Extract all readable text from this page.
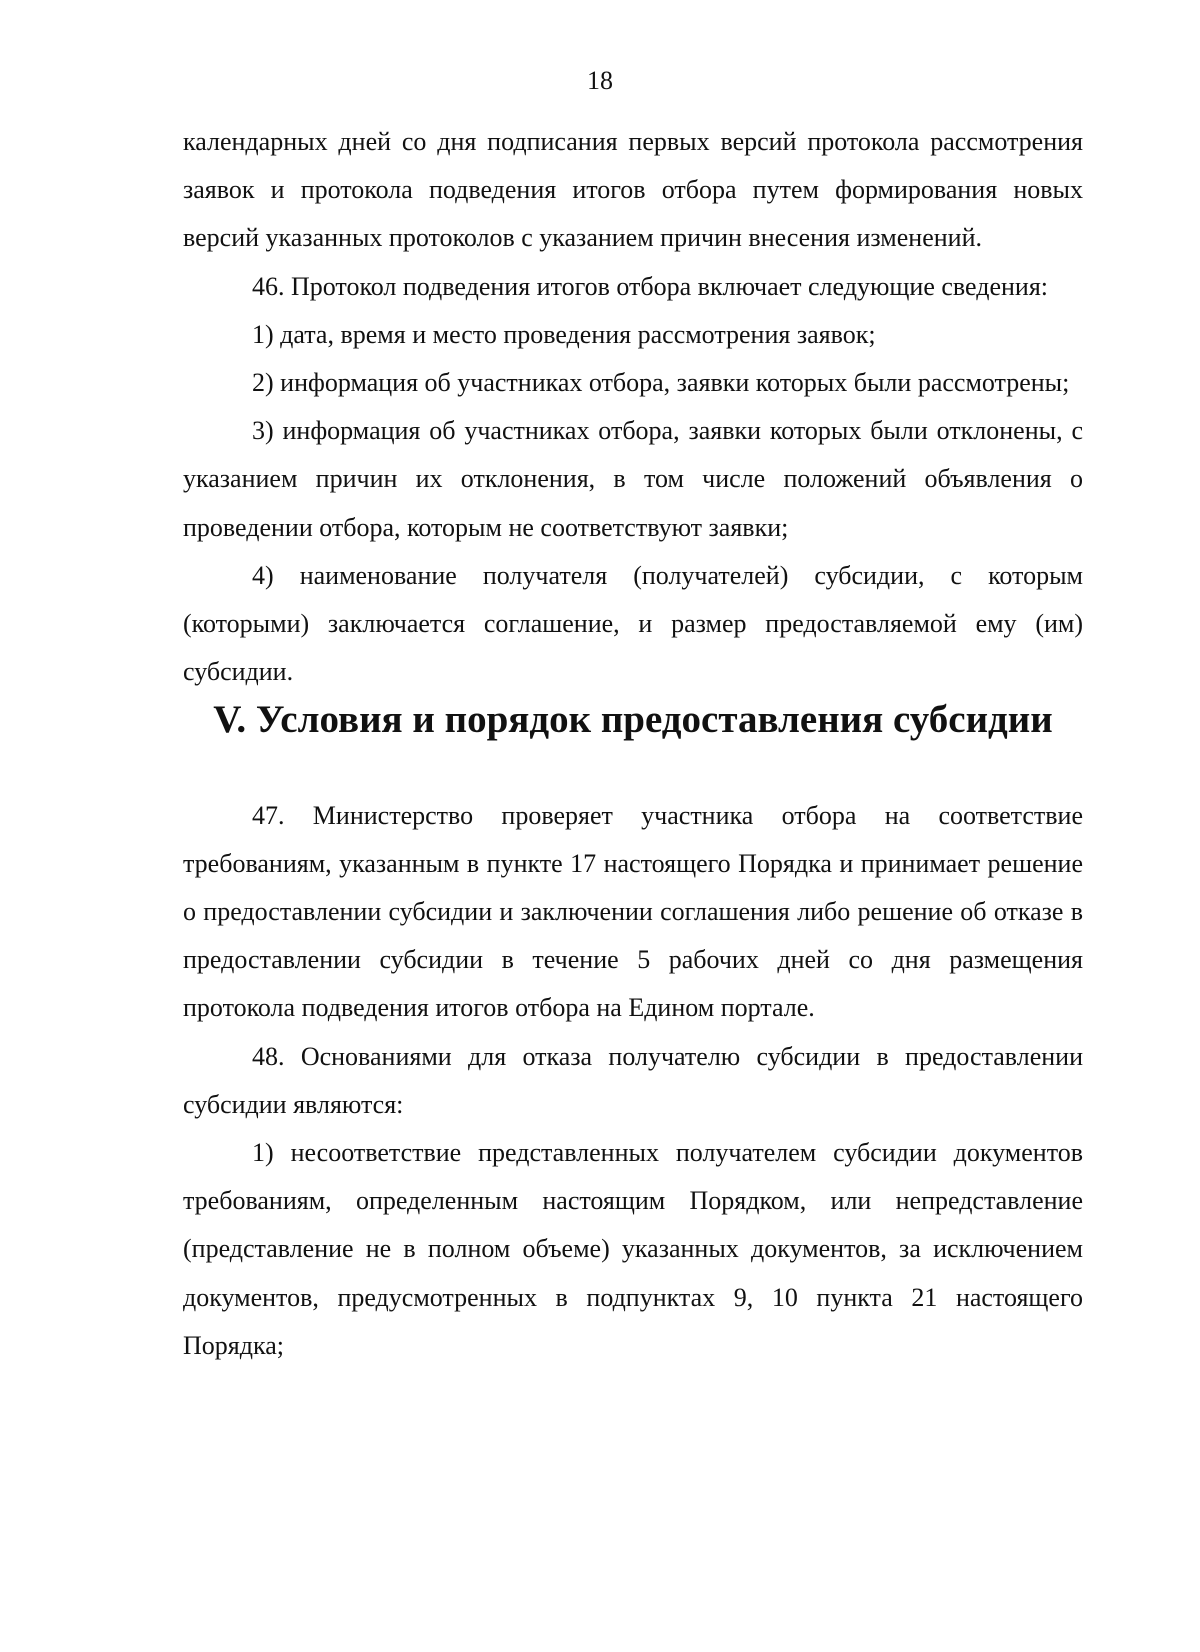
18

календарных дней со дня подписания первых версий протокола рассмотрения заявок и протокола подведения итогов отбора путем формирования новых версий указанных протоколов с указанием причин внесения изменений.

46. Протокол подведения итогов отбора включает следующие сведения:

1) дата, время и место проведения рассмотрения заявок;

2) информация об участниках отбора, заявки которых были рассмотрены;

3) информация об участниках отбора, заявки которых были отклонены, с указанием причин их отклонения, в том числе положений объявления о проведении отбора, которым не соответствуют заявки;

4) наименование получателя (получателей) субсидии, с которым (которыми) заключается соглашение, и размер предоставляемой ему (им) субсидии.

V. Условия и порядок предоставления субсидии

47. Министерство проверяет участника отбора на соответствие требованиям, указанным в пункте 17 настоящего Порядка и принимает решение о предоставлении субсидии и заключении соглашения либо решение об отказе в предоставлении субсидии в течение 5 рабочих дней со дня размещения протокола подведения итогов отбора на Едином портале.

48. Основаниями для отказа получателю субсидии в предоставлении субсидии являются:

1) несоответствие представленных получателем субсидии документов требованиям, определенным настоящим Порядком, или непредставление (представление не в полном объеме) указанных документов, за исключением документов, предусмотренных в подпунктах 9, 10 пункта 21 настоящего Порядка;
